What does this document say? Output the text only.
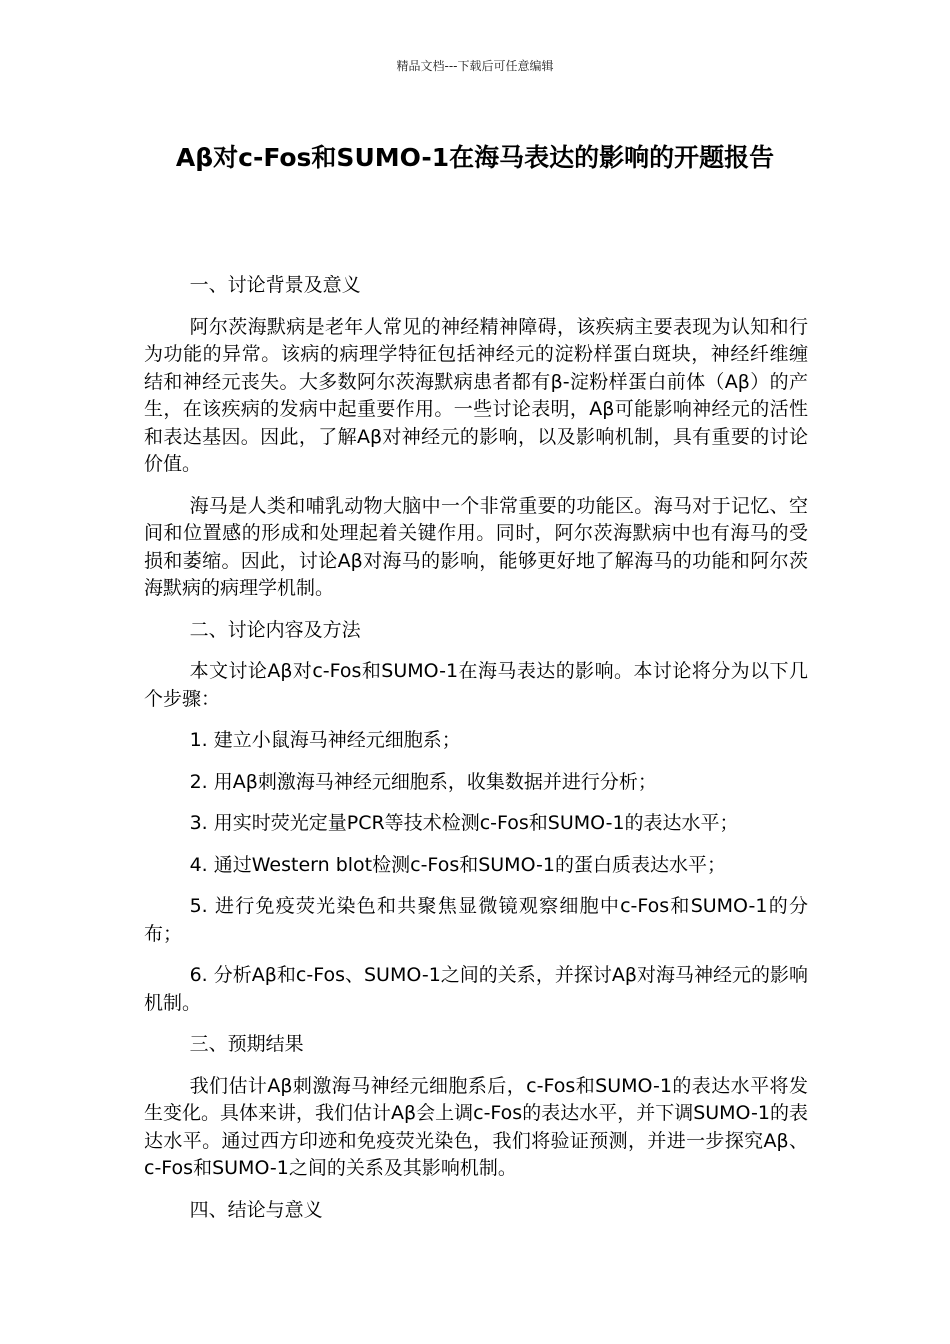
精品文档---下载后可任意编辑
Aβ对c-Fos和SUMO-1在海马表达的影响的开题报告

一、讨论背景及意义

阿尔茨海默病是老年人常见的神经精神障碍，该疾病主要表现为认知和行为功能的异常。该病的病理学特征包括神经元的淀粉样蛋白斑块，神经纤维缠结和神经元丧失。大多数阿尔茨海默病患者都有β-淀粉样蛋白前体（Aβ）的产生，在该疾病的发病中起重要作用。一些讨论表明，Aβ可能影响神经元的活性和表达基因。因此，了解Aβ对神经元的影响，以及影响机制，具有重要的讨论价值。

海马是人类和哺乳动物大脑中一个非常重要的功能区。海马对于记忆、空间和位置感的形成和处理起着关键作用。同时，阿尔茨海默病中也有海马的受损和萎缩。因此，讨论Aβ对海马的影响，能够更好地了解海马的功能和阿尔茨海默病的病理学机制。

二、讨论内容及方法

本文讨论Aβ对c-Fos和SUMO-1在海马表达的影响。本讨论将分为以下几个步骤：

1. 建立小鼠海马神经元细胞系；

2. 用Aβ刺激海马神经元细胞系，收集数据并进行分析；

3. 用实时荧光定量PCR等技术检测c-Fos和SUMO-1的表达水平；

4. 通过Western blot检测c-Fos和SUMO-1的蛋白质表达水平；

5. 进行免疫荧光染色和共聚焦显微镜观察细胞中c-Fos和SUMO-1的分布；

6. 分析Aβ和c-Fos、SUMO-1之间的关系，并探讨Aβ对海马神经元的影响机制。

三、预期结果

我们估计Aβ刺激海马神经元细胞系后，c-Fos和SUMO-1的表达水平将发生变化。具体来讲，我们估计Aβ会上调c-Fos的表达水平，并下调SUMO-1的表达水平。通过西方印迹和免疫荧光染色，我们将验证预测，并进一步探究Aβ、c-Fos和SUMO-1之间的关系及其影响机制。

四、结论与意义
